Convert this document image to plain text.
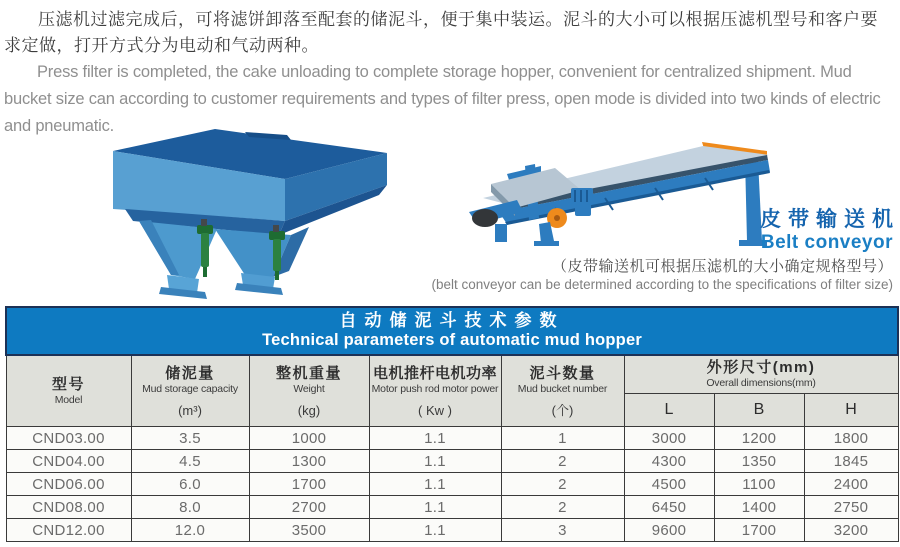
压滤机过滤完成后，可将滤饼卸落至配套的储泥斗，便于集中装运。泥斗的大小可以根据压滤机型号和客户要求定做，打开方式分为电动和气动两种。

Press filter is completed, the cake unloading to complete storage hopper, convenient for centralized shipment. Mud bucket size can according to customer requirements and types of filter press, open mode is divided into two kinds of electric and pneumatic.

皮带输送机
Belt conveyor
（皮带输送机可根据压滤机的大小确定规格型号）
(belt conveyor can be determined according to the specifications of filter size)
自动储泥斗技术参数
Technical parameters of automatic mud hopper							

型号
Model

储泥量
Mud storage capacity
(m³)

整机重量
Weight
(kg)

电机推杆电机功率
Motor push rod motor power
( Kw )

泥斗数量
Mud bucket number
(个)

外形尺寸(mm)
Overall dimensions(mm)

					L	B	H
CND03.00	3.5	1000	1.1	1	3000	1200	1800
CND04.00	4.5	1300	1.1	2	4300	1350	1845
CND06.00	6.0	1700	1.1	2	4500	1100	2400
CND08.00	8.0	2700	1.1	2	6450	1400	2750
CND12.00	12.0	3500	1.1	3	9600	1700	3200
